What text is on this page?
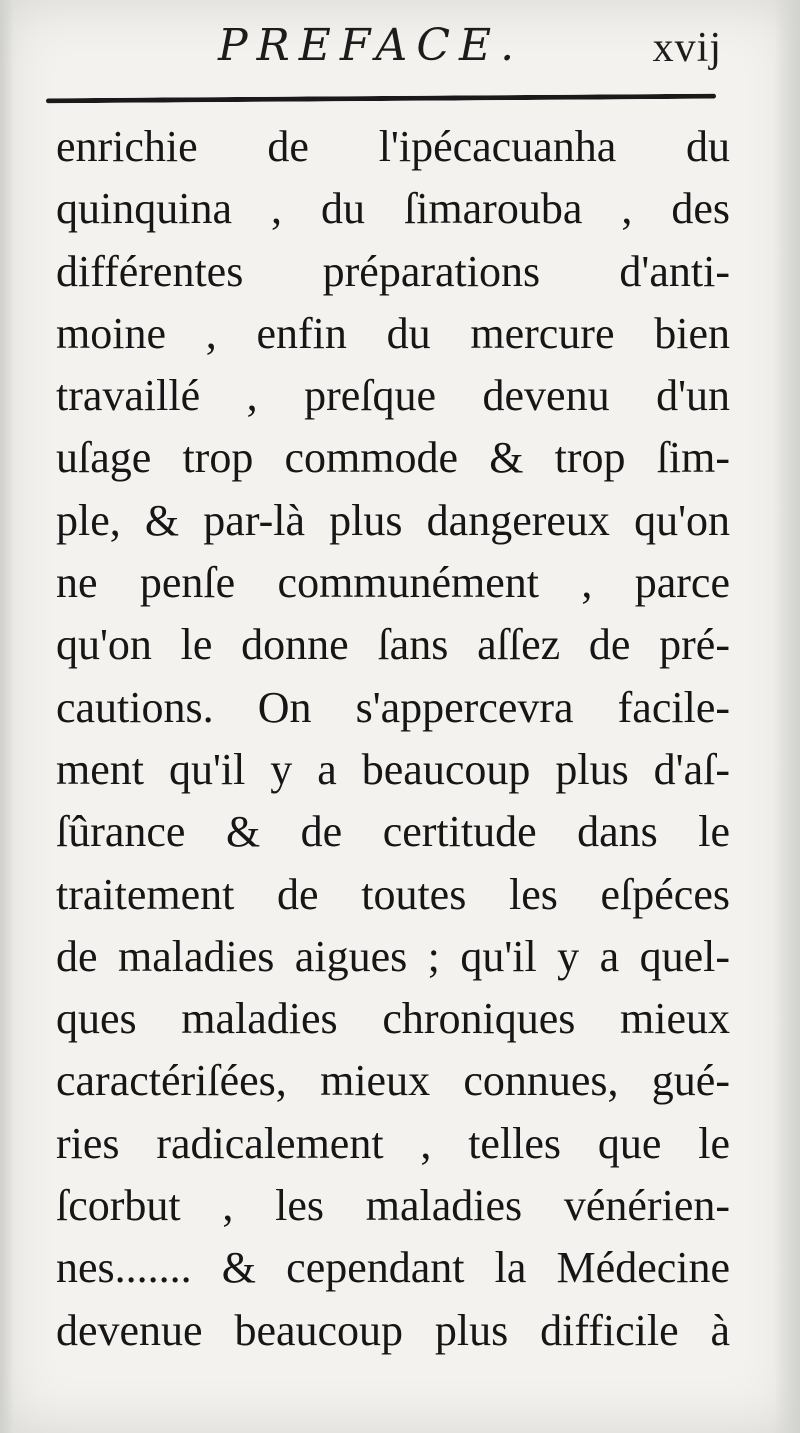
PREFACE.	xvij
enrichie de l'ipécacuanha du
quinquina , du ſimarouba , des
différentes préparations d'anti-
moine , enfin du mercure bien
travaillé , preſque devenu d'un
uſage trop commode & trop ſim-
ple, & par-là plus dangereux qu'on
ne penſe communément , parce
qu'on le donne ſans aſſez de pré-
cautions. On s'appercevra facile-
ment qu'il y a beaucoup plus d'aſ-
ſûrance & de certitude dans le
traitement de toutes les eſpéces
de maladies aigues ; qu'il y a quel-
ques maladies chroniques mieux
caractériſées, mieux connues, gué-
ries radicalement , telles que le
ſcorbut , les maladies vénérien-
nes....... & cependant la Médecine
devenue beaucoup plus difficile à
